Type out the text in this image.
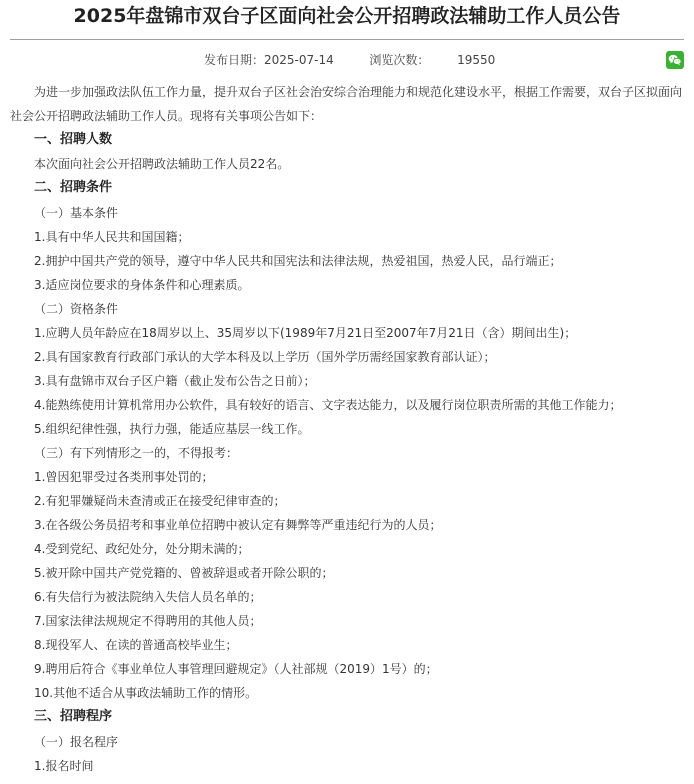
2025年盘锦市双台子区面向社会公开招聘政法辅助工作人员公告
发布日期：2025-07-14	浏览次数： 19550
为进一步加强政法队伍工作力量，提升双台子区社会治安综合治理能力和规范化建设水平，根据工作需要，双台子区拟面向
社会公开招聘政法辅助工作人员。现将有关事项公告如下：
一、招聘人数
本次面向社会公开招聘政法辅助工作人员22名。
二、招聘条件
（一）基本条件
1.具有中华人民共和国国籍；
2.拥护中国共产党的领导，遵守中华人民共和国宪法和法律法规，热爱祖国，热爱人民，品行端正；
3.适应岗位要求的身体条件和心理素质。
（二）资格条件
1.应聘人员年龄应在18周岁以上、35周岁以下(1989年7月21日至2007年7月21日（含）期间出生)；
2.具有国家教育行政部门承认的大学本科及以上学历（国外学历需经国家教育部认证）；
3.具有盘锦市双台子区户籍（截止发布公告之日前）；
4.能熟练使用计算机常用办公软件，具有较好的语言、文字表达能力，以及履行岗位职责所需的其他工作能力；
5.组织纪律性强，执行力强，能适应基层一线工作。
（三）有下列情形之一的，不得报考：
1.曾因犯罪受过各类刑事处罚的；
2.有犯罪嫌疑尚未查清或正在接受纪律审查的；
3.在各级公务员招考和事业单位招聘中被认定有舞弊等严重违纪行为的人员；
4.受到党纪、政纪处分，处分期未满的；
5.被开除中国共产党党籍的、曾被辞退或者开除公职的；
6.有失信行为被法院纳入失信人员名单的；
7.国家法律法规规定不得聘用的其他人员；
8.现役军人、在读的普通高校毕业生；
9.聘用后符合《事业单位人事管理回避规定》（人社部规（2019）1号）的；
10.其他不适合从事政法辅助工作的情形。
三、招聘程序
（一）报名程序
1.报名时间
